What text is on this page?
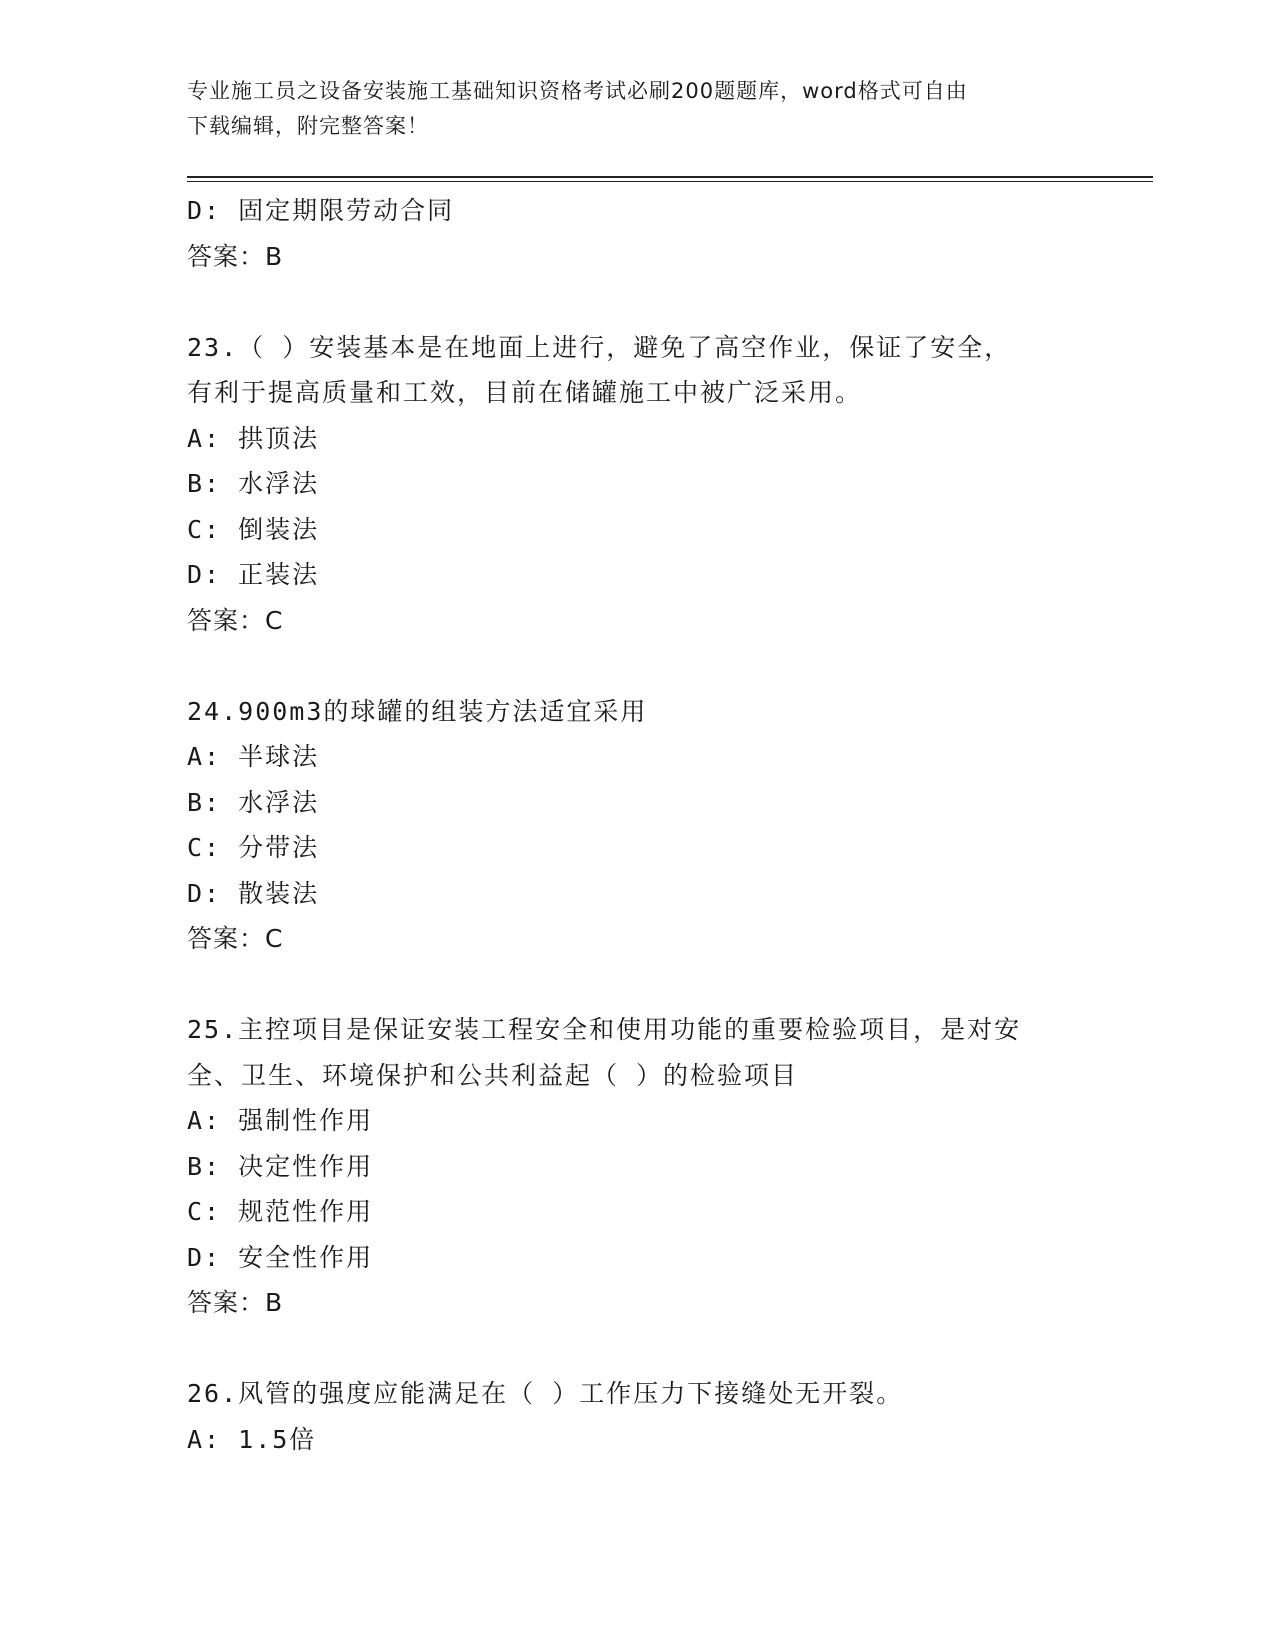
专业施工员之设备安装施工基础知识资格考试必刷200题题库，word格式可自由
下载编辑，附完整答案！
D: 固定期限劳动合同
答案：B
23.（ ）安装基本是在地面上进行，避免了高空作业，保证了安全，
有利于提高质量和工效，目前在储罐施工中被广泛采用。
A: 拱顶法
B: 水浮法
C: 倒装法
D: 正装法
答案：C
24.900m3的球罐的组装方法适宜采用
A: 半球法
B: 水浮法
C: 分带法
D: 散装法
答案：C
25.主控项目是保证安装工程安全和使用功能的重要检验项目，是对安
全、卫生、环境保护和公共利益起（ ）的检验项目
A: 强制性作用
B: 决定性作用
C: 规范性作用
D: 安全性作用
答案：B
26.风管的强度应能满足在（ ）工作压力下接缝处无开裂。
A: 1.5倍
